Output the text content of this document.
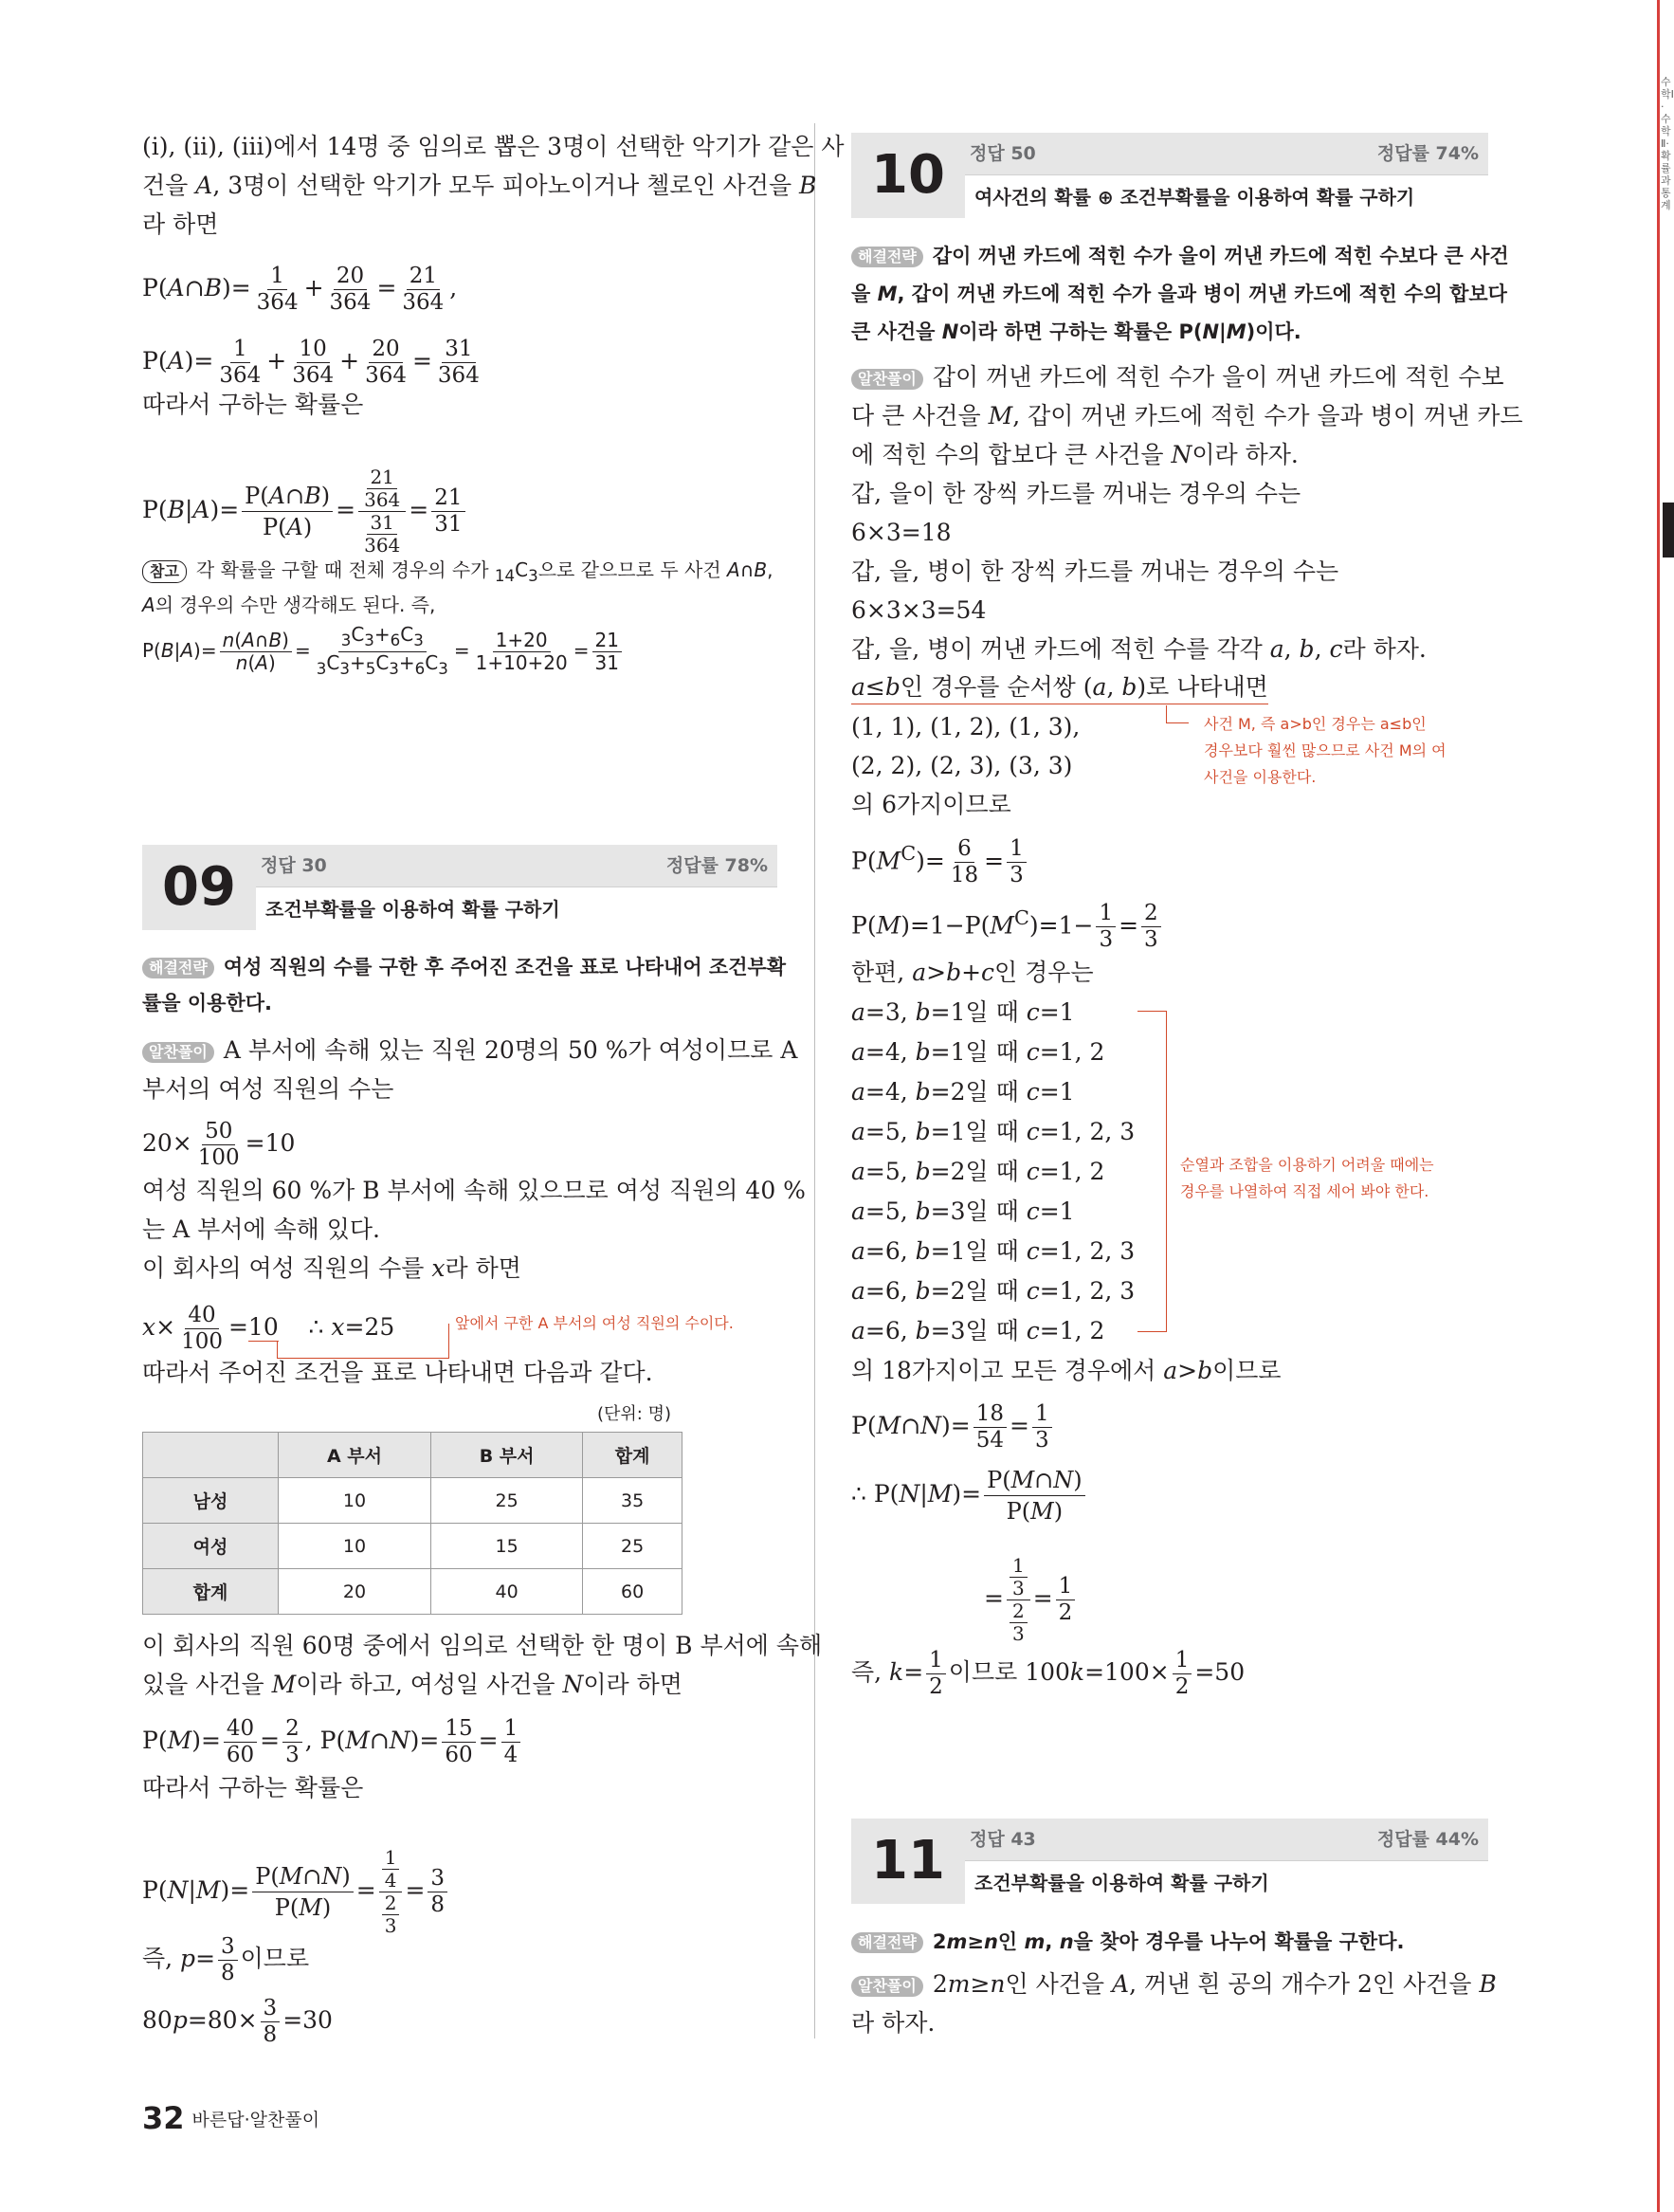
수학Ⅰ·수학Ⅱ·확률과 통계
(ⅰ), (ⅱ), (ⅲ)에서 14명 중 임의로 뽑은 3명이 선택한 악기가 같은 사
건을 A, 3명이 선택한 악기가 모두 피아노이거나 첼로인 사건을 B
라 하면
P(A∩B)= $\frac{1}{364} + \frac{20}{364} = \frac{21}{364}$ ,
$P(A)= \frac{1}{364} + \frac{10}{364} + \frac{20}{364} = \frac{31}{364}$
따라서 구하는 확률은
$P(B|A)= \frac{P(A\cap B)}{P(A)} = \frac{\frac{21}{364}}{\frac{31}{364}} = \frac{21}{31}$
참고 각 확률을 구할 때 전체 경우의 수가 $_{14}C_3$으로 같으므로 두 사건 A∩B,
A의 경우의 수만 생각해도 된다. 즉,
$P(B|A)= \frac{n(A\cap B)}{n(A)} = \frac{_3C_3+_6C_3}{_3C_3+_5C_3+_6C_3} = \frac{1+20}{1+10+20} = \frac{21}{31}$
09	정답 30	정답률 78%
조건부확률을 이용하여 확률 구하기
해결전략 여성 직원의 수를 구한 후 주어진 조건을 표로 나타내어 조건부확
률을 이용한다.
알찬풀이 A 부서에 속해 있는 직원 20명의 50 %가 여성이므로 A
부서의 여성 직원의 수는
$20\times \frac{50}{100} =10$
여성 직원의 60 %가 B 부서에 속해 있으므로 여성 직원의 40 %
는 A 부서에 속해 있다.
이 회사의 여성 직원의 수를 x라 하면
$x\times \frac{40}{100} =10$    ∴ x=25	앞에서 구한 A 부서의 여성 직원의 수이다.
따라서 주어진 조건을 표로 나타내면 다음과 같다.
(단위: 명)
	A 부서	B 부서	합계
남성	10	25	35
여성	10	15	25
합계	20	40	60
이 회사의 직원 60명 중에서 임의로 선택한 한 명이 B 부서에 속해
있을 사건을 M이라 하고, 여성일 사건을 N이라 하면
$P(M)= \frac{40}{60} = \frac{2}{3}$ , P(M∩N)= $\frac{15}{60} = \frac{1}{4}$
따라서 구하는 확률은
$P(N|M)= \frac{P(M\cap N)}{P(M)} = \frac{\frac{1}{4}}{\frac{2}{3}} = \frac{3}{8}$
즉, $p= \frac{3}{8}$ 이므로
$80p=80\times \frac{3}{8} =30$
10	정답 50	정답률 74%
여사건의 확률 ⊕ 조건부확률을 이용하여 확률 구하기
해결전략 갑이 꺼낸 카드에 적힌 수가 을이 꺼낸 카드에 적힌 수보다 큰 사건
을 M, 갑이 꺼낸 카드에 적힌 수가 을과 병이 꺼낸 카드에 적힌 수의 합보다
큰 사건을 N이라 하면 구하는 확률은 P(N|M)이다.
알찬풀이 갑이 꺼낸 카드에 적힌 수가 을이 꺼낸 카드에 적힌 수보
다 큰 사건을 M, 갑이 꺼낸 카드에 적힌 수가 을과 병이 꺼낸 카드
에 적힌 수의 합보다 큰 사건을 N이라 하자.
갑, 을이 한 장씩 카드를 꺼내는 경우의 수는
6×3=18
갑, 을, 병이 한 장씩 카드를 꺼내는 경우의 수는
6×3×3=54
갑, 을, 병이 꺼낸 카드에 적힌 수를 각각 a, b, c라 하자.
a≤b인 경우를 순서쌍 (a, b)로 나타내면
(1, 1), (1, 2), (1, 3),
(2, 2), (2, 3), (3, 3)
의 6가지이므로
사건 M, 즉 a>b인 경우는 a≤b인
경우보다 훨씬 많으므로 사건 M의 여
사건을 이용한다.
$P(M^C)= \frac{6}{18} = \frac{1}{3}$
$P(M)=1-P(M^C)=1- \frac{1}{3} = \frac{2}{3}$
한편, a>b+c인 경우는
a=3, b=1일 때 c=1
a=4, b=1일 때 c=1, 2
a=4, b=2일 때 c=1
a=5, b=1일 때 c=1, 2, 3
a=5, b=2일 때 c=1, 2
a=5, b=3일 때 c=1
a=6, b=1일 때 c=1, 2, 3
a=6, b=2일 때 c=1, 2, 3
a=6, b=3일 때 c=1, 2
순열과 조합을 이용하기 어려울 때에는
경우를 나열하여 직접 세어 봐야 한다.
의 18가지이고 모든 경우에서 a>b이므로
P(M∩N)= $\frac{18}{54} = \frac{1}{3}$
∴ $P(N|M)= \frac{P(M\cap N)}{P(M)}$
= $\frac{\frac{1}{3}}{\frac{2}{3}} = \frac{1}{2}$
즉, $k= \frac{1}{2}$ 이므로 $100k=100\times \frac{1}{2} =50$
11	정답 43	정답률 44%
조건부확률을 이용하여 확률 구하기
해결전략 2m≥n인 m, n을 찾아 경우를 나누어 확률을 구한다.
알찬풀이 2m≥n인 사건을 A, 꺼낸 흰 공의 개수가 2인 사건을 B
라 하자.
32 바른답·알찬풀이
